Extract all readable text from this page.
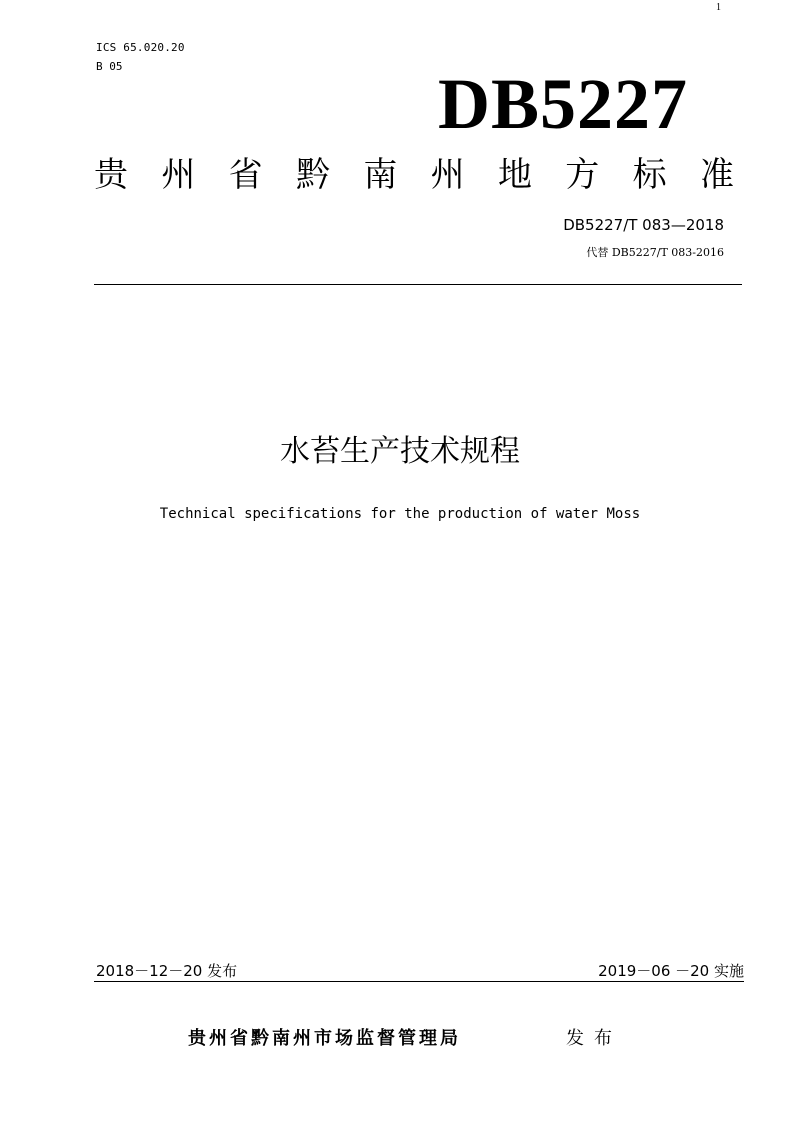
1
ICS 65.020.20
B 05	DB5227
贵 州 省 黔 南 州 地 方 标 准
DB5227/T 083—2018
代替 DB5227/T 083-2016
水苔生产技术规程
Technical specifications for the production of water Moss
2018－12－20 发布	2019－06 －20 实施
贵州省黔南州市场监督管理局	发布
